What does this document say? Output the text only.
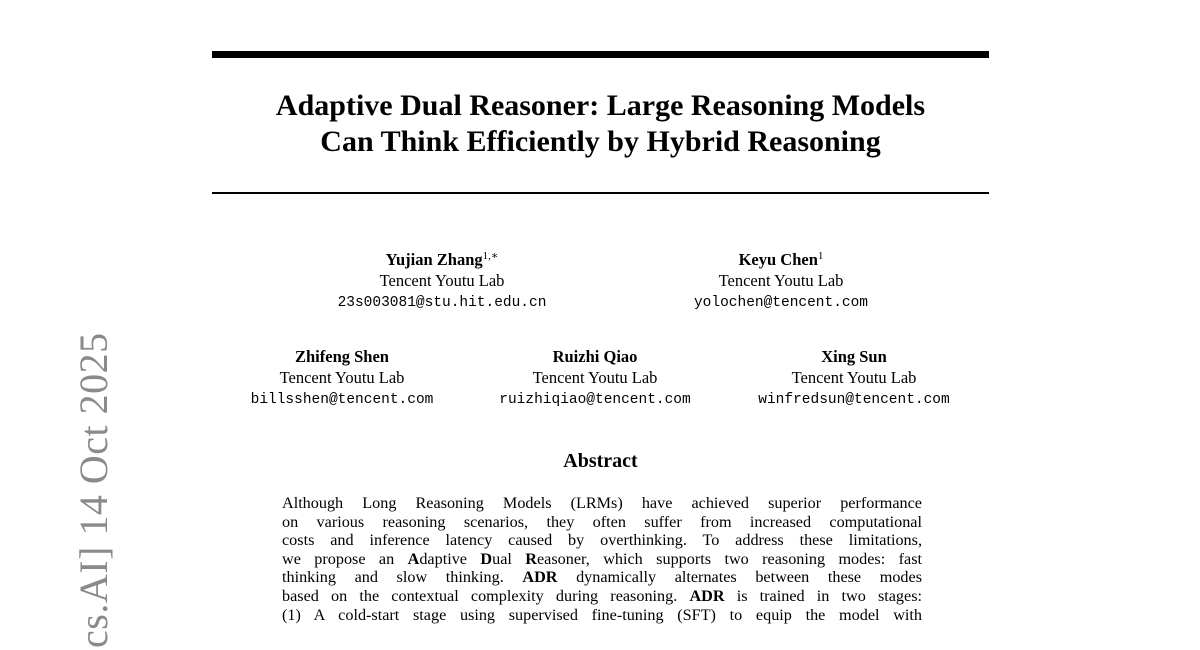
cs.AI] 14 Oct 2025
Adaptive Dual Reasoner: Large Reasoning Models
Can Think Efficiently by Hybrid Reasoning
Yujian Zhang$^{1,∗}$
Tencent Youtu Lab
23s003081@stu.hit.edu.cn
Keyu Chen$^1$
Tencent Youtu Lab
yolochen@tencent.com
Zhifeng Shen
Tencent Youtu Lab
billsshen@tencent.com
Ruizhi Qiao
Tencent Youtu Lab
ruizhiqiao@tencent.com
Xing Sun
Tencent Youtu Lab
winfredsun@tencent.com
Abstract
Although Long Reasoning Models (LRMs) have achieved superior performance
on various reasoning scenarios, they often suffer from increased computational
costs and inference latency caused by overthinking. To address these limitations,
we propose an Adaptive Dual Reasoner, which supports two reasoning modes: fast
thinking and slow thinking. ADR dynamically alternates between these modes
based on the contextual complexity during reasoning. ADR is trained in two stages:
(1) A cold-start stage using supervised fine-tuning (SFT) to equip the model with
